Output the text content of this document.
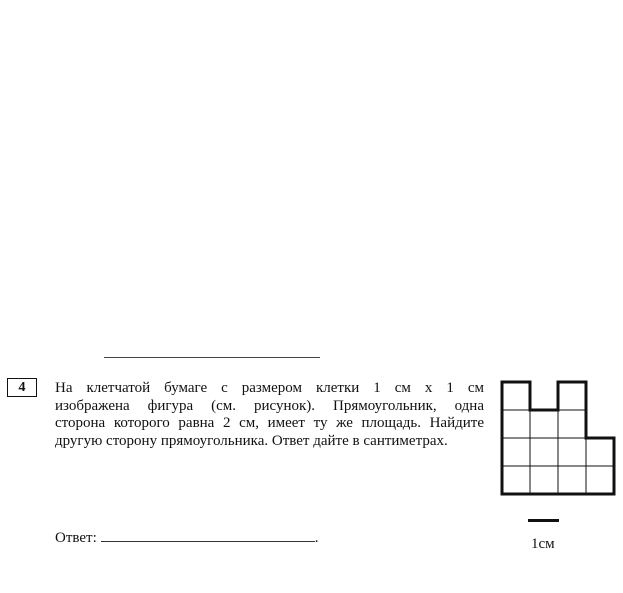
4	На клетчатой бумаге с размером клетки 1 см х 1 см
изображена фигура (см. рисунок). Прямоугольник, одна
сторона которого равна 2 см, имеет ту же площадь. Найдите
другую сторону прямоугольника. Ответ дайте в сантиметрах.

Ответ:	.	1см
